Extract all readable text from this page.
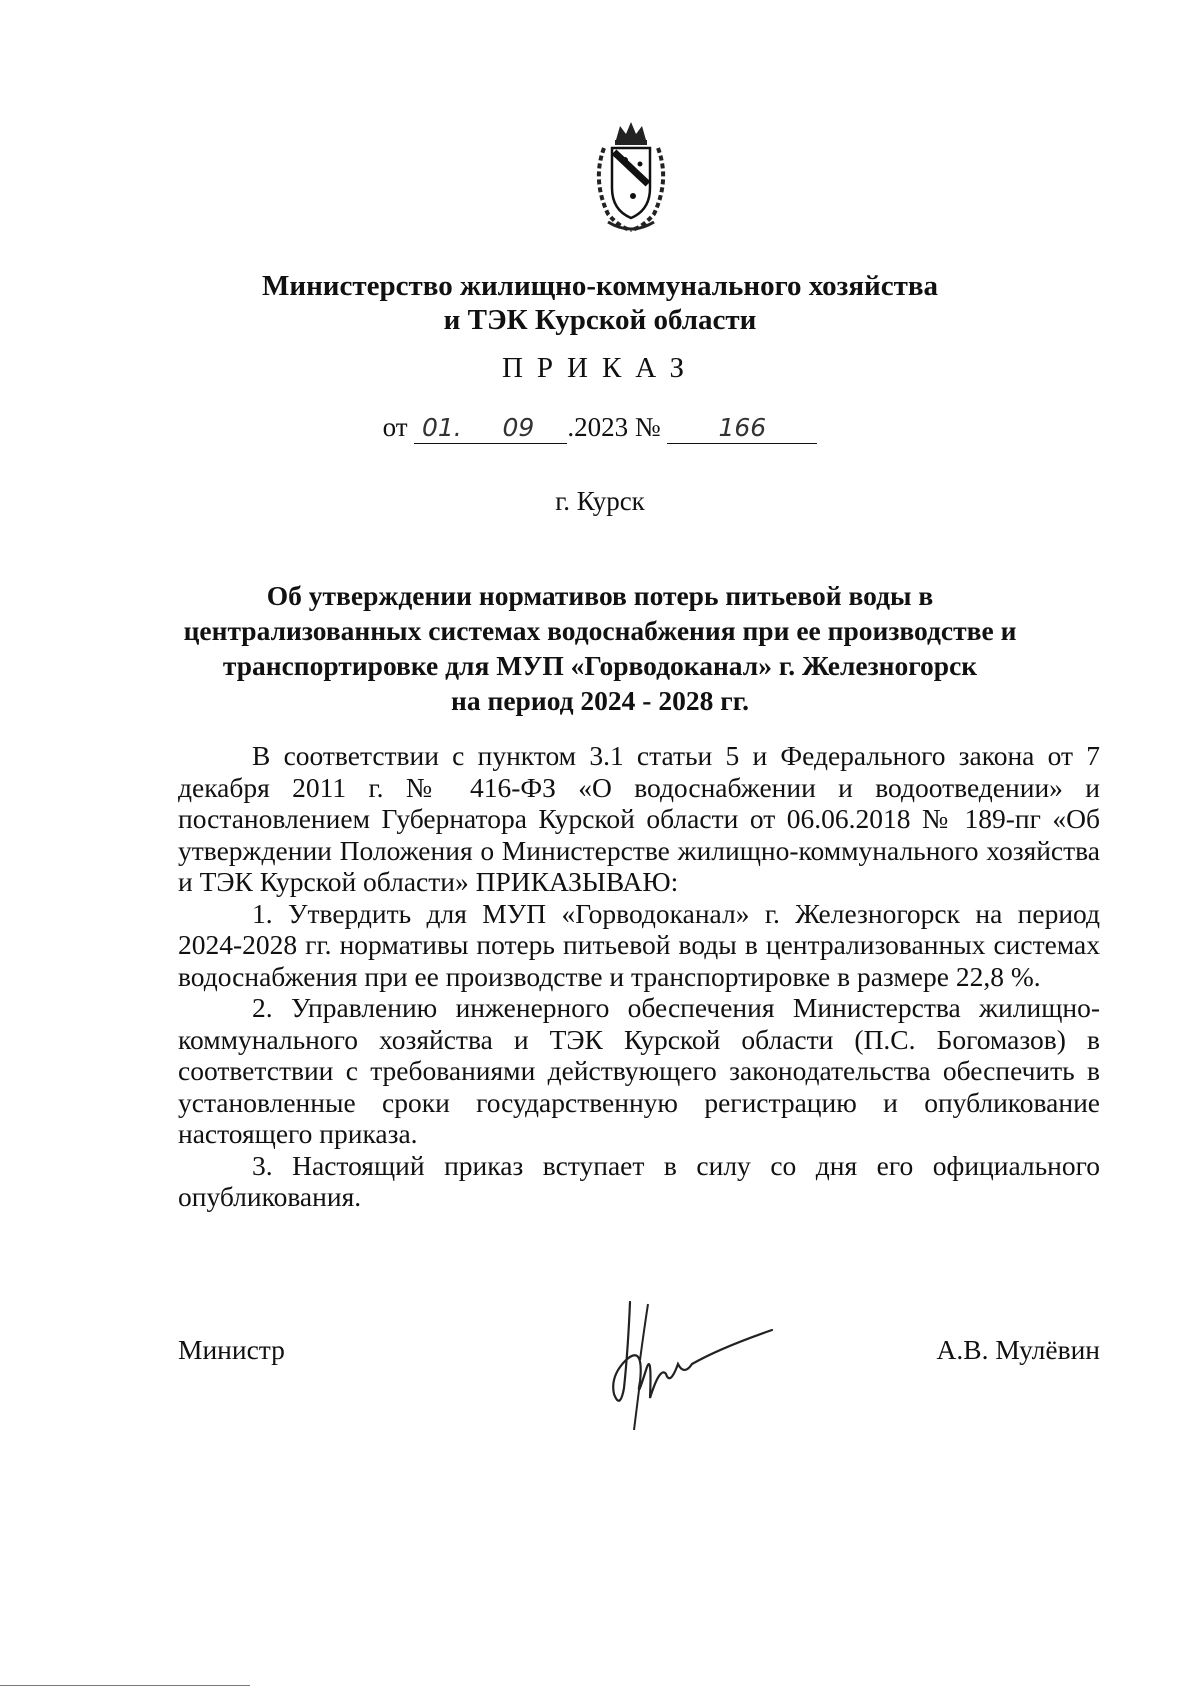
Министерство жилищно-коммунального хозяйства
и ТЭК Курской области
ПРИКАЗ
от 01. 09 .2023 № 166
г. Курск
Об утверждении нормативов потерь питьевой воды в
централизованных системах водоснабжения при ее производстве и
транспортировке для МУП «Горводоканал» г. Железногорск
на период 2024 - 2028 гг.

В соответствии с пунктом 3.1 статьи 5 и Федерального закона от 7 декабря 2011 г. № 416-ФЗ «О водоснабжении и водоотведении» и постановлением Губернатора Курской области от 06.06.2018 № 189-пг «Об утверждении Положения о Министерстве жилищно-коммунального хозяйства и ТЭК Курской области» ПРИКАЗЫВАЮ:

1. Утвердить для МУП «Горводоканал» г. Железногорск на период 2024-2028 гг. нормативы потерь питьевой воды в централизованных системах водоснабжения при ее производстве и транспортировке в размере 22,8 %.

2. Управлению инженерного обеспечения Министерства жилищно-коммунального хозяйства и ТЭК Курской области (П.С. Богомазов) в соответствии с требованиями действующего законодательства обеспечить в установленные сроки государственную регистрацию и опубликование настоящего приказа.

3. Настоящий приказ вступает в силу со дня его официального опубликования.

Министр	А.В. Мулёвин
